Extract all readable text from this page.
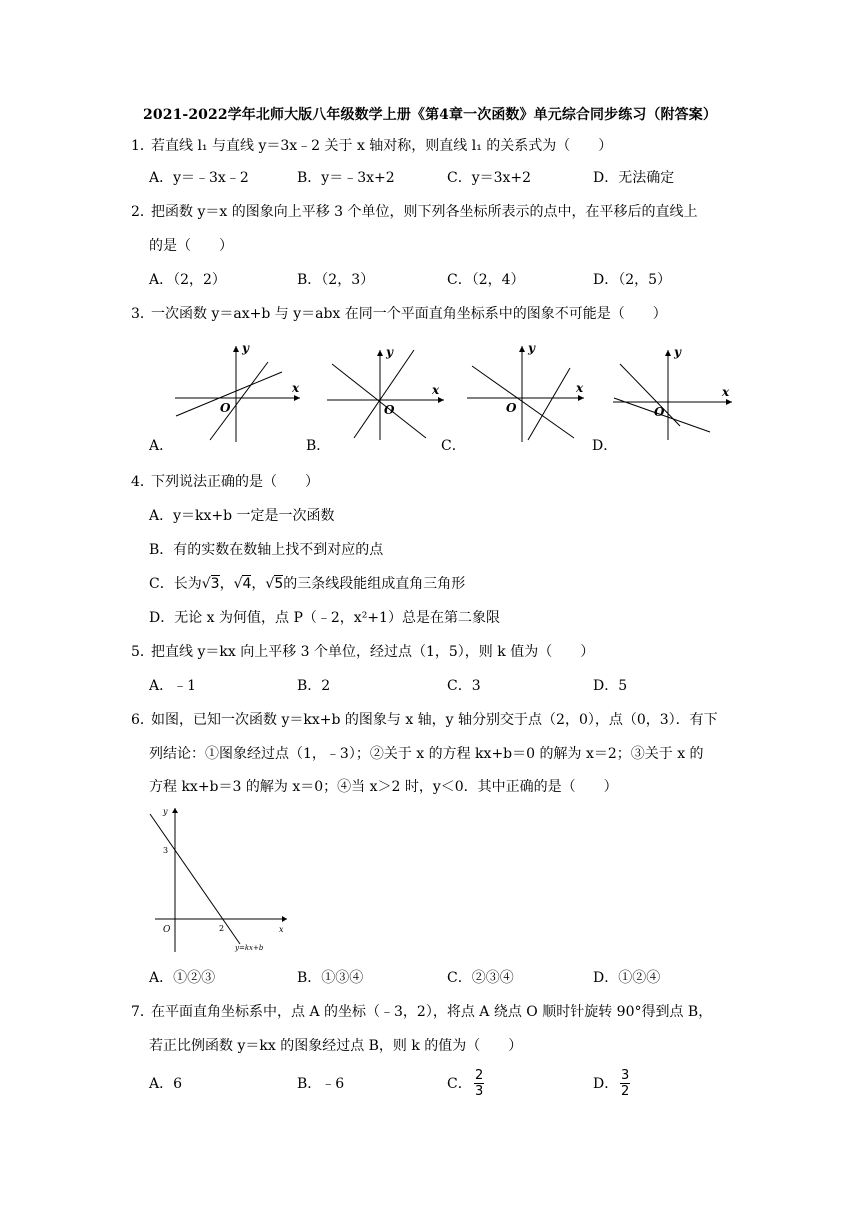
2021-2022学年北师大版八年级数学上册《第4章一次函数》单元综合同步练习（附答案）
1．若直线 l₁ 与直线 y＝3x﹣2 关于 x 轴对称，则直线 l₁ 的关系式为（　　）
A．y＝﹣3x﹣2	B．y＝﹣3x+2	C．y＝3x+2	D．无法确定
2．把函数 y＝x 的图象向上平移 3 个单位，则下列各坐标所表示的点中，在平移后的直线上
的是（　　）
A．（2，2）	B．（2，3）	C．（2，4）	D．（2，5）
3．一次函数 y＝ax+b 与 y＝abx 在同一个平面直角坐标系中的图象不可能是（　　）
x
y
O
x
y
O
x
y
O
x
y
O
A．	B．	C．	D．
4．下列说法正确的是（　　）
A．y＝kx+b 一定是一次函数
B．有的实数在数轴上找不到对应的点
C．长为√3，√4，√5的三条线段能组成直角三角形
D．无论 x 为何值，点 P（﹣2，x²+1）总是在第二象限
5．把直线 y＝kx 向上平移 3 个单位，经过点（1，5），则 k 值为（　　）
A．﹣1	B．2	C．3	D．5
6．如图，已知一次函数 y＝kx+b 的图象与 x 轴，y 轴分别交于点（2，0），点（0，3）．有下
列结论：①图象经过点（1，﹣3）；②关于 x 的方程 kx+b＝0 的解为 x＝2；③关于 x 的
方程 kx+b＝3 的解为 x＝0；④当 x＞2 时，y＜0．其中正确的是（　　）
y
x
O	2
3
y=kx+b
A．①②③	B．①③④	C．②③④	D．①②④
7．在平面直角坐标系中，点 A 的坐标（﹣3，2），将点 A 绕点 O 顺时针旋转 90°得到点 B，
若正比例函数 y＝kx 的图象经过点 B，则 k 的值为（　　）
A．6	B．﹣6	C．	D．
$\frac{2}{3}$	$\frac{3}{2}$
